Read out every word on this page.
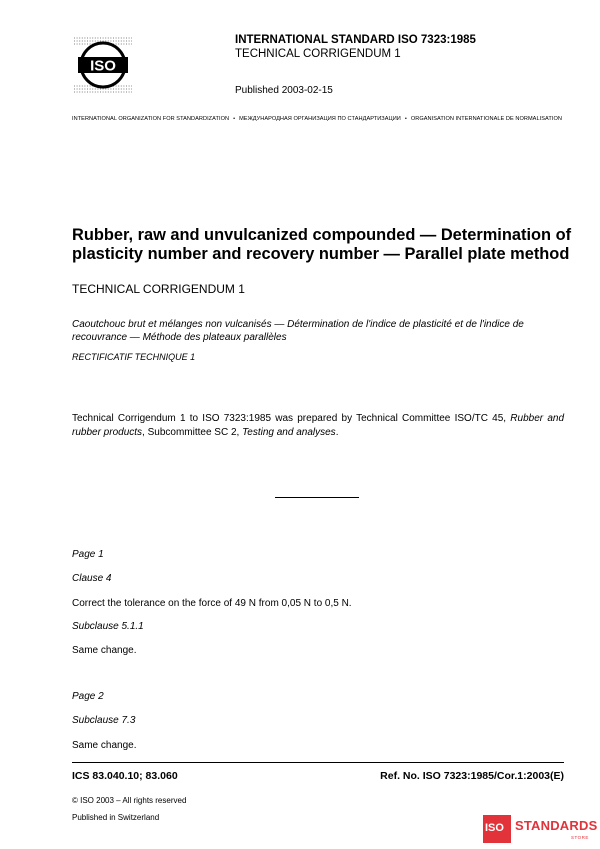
ISO
INTERNATIONAL STANDARD ISO 7323:1985
TECHNICAL CORRIGENDUM 1
Published 2003-02-15
INTERNATIONAL ORGANIZATION FOR STANDARDIZATION • МЕЖДУНАРОДНАЯ ОРГАНИЗАЦИЯ ПО СТАНДАРТИЗАЦИИ • ORGANISATION INTERNATIONALE DE NORMALISATION
Rubber, raw and unvulcanized compounded — Determination of plasticity number and recovery number — Parallel plate method
TECHNICAL CORRIGENDUM 1
Caoutchouc brut et mélanges non vulcanisés — Détermination de l'indice de plasticité et de l'indice de recouvrance — Méthode des plateaux parallèles
RECTIFICATIF TECHNIQUE 1
Technical Corrigendum 1 to ISO 7323:1985 was prepared by Technical Committee ISO/TC 45, Rubber and rubber products, Subcommittee SC 2, Testing and analyses.
Page 1
Clause 4
Correct the tolerance on the force of 49 N from 0,05 N to 0,5 N.
Subclause 5.1.1
Same change.
Page 2
Subclause 7.3
Same change.
ICS 83.040.10; 83.060	Ref. No. ISO 7323:1985/Cor.1:2003(E)
© ISO 2003 – All rights reserved
Published in Switzerland
ISO STANDARDS
STORE
